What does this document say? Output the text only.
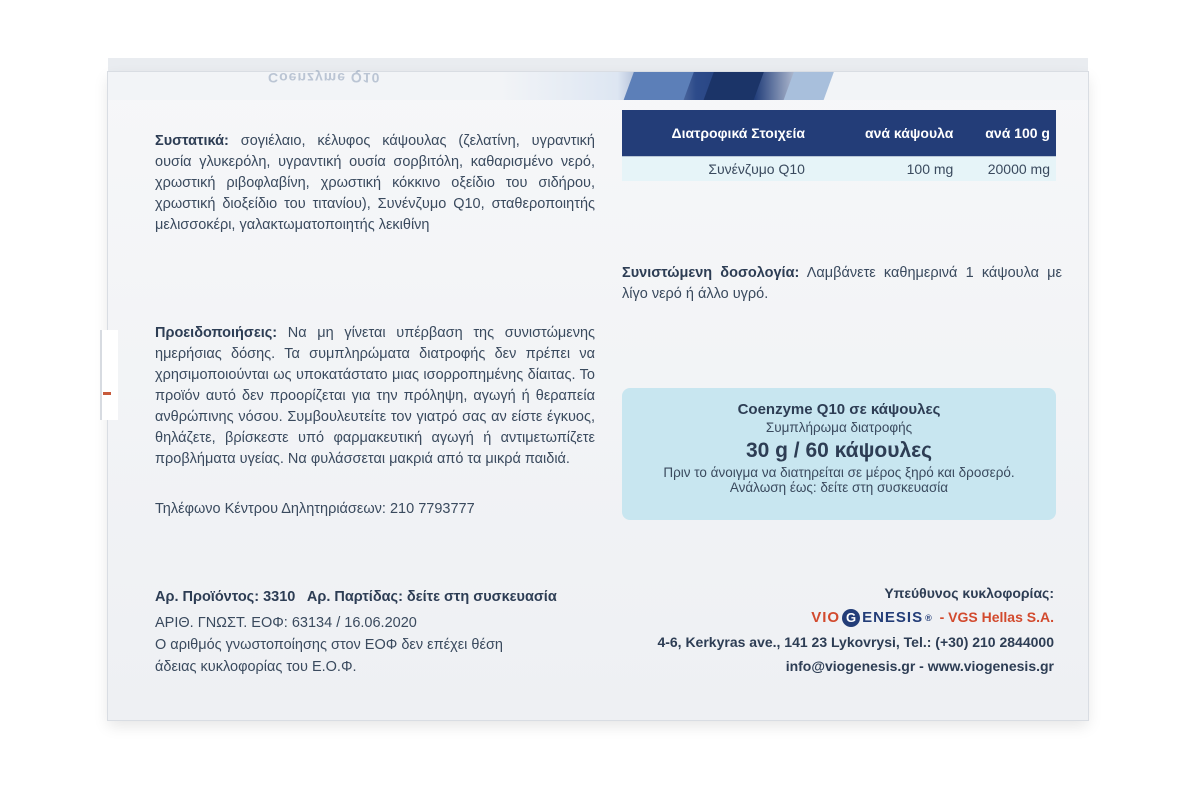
Coenzyme Q10
Συστατικά: σογιέλαιο, κέλυφος κάψουλας (ζελατίνη, υγραντική ουσία γλυκερόλη, υγραντική ουσία σορβιτόλη, καθαρισμένο νερό, χρωστική ριβοφλαβίνη, χρωστική κόκκινο οξείδιο του σιδήρου, χρωστική διοξείδιο του τιτανίου), Συνένζυμο Q10, σταθεροποιητής μελισσοκέρι, γαλακτωματοποιητής λεκιθίνη
Προειδοποιήσεις: Να μη γίνεται υπέρβαση της συνιστώμενης ημερήσιας δόσης. Τα συμπληρώματα διατροφής δεν πρέπει να χρησιμοποιούνται ως υποκατάστατο μιας ισορροπημένης δίαιτας. Το προϊόν αυτό δεν προορίζεται για την πρόληψη, αγωγή ή θεραπεία ανθρώπινης νόσου. Συμβουλευτείτε τον γιατρό σας αν είστε έγκυος, θηλάζετε, βρίσκεστε υπό φαρμακευτική αγωγή ή αντιμετωπίζετε προβλήματα υγείας. Να φυλάσσεται μακριά από τα μικρά παιδιά.
Τηλέφωνο Κέντρου Δηλητηριάσεων: 210 7793777
Διατροφικά Στοιχεία	ανά κάψουλα	ανά 100 g
Συνένζυμο Q10	100 mg	20000 mg
Συνιστώμενη δοσολογία: Λαμβάνετε καθημερινά 1 κάψουλα με λίγο νερό ή άλλο υγρό.
Coenzyme Q10 σε κάψουλες
Συμπλήρωμα διατροφής
30 g / 60 κάψουλες
Πριν το άνοιγμα να διατηρείται σε μέρος ξηρό και δροσερό.
Ανάλωση έως: δείτε στη συσκευασία
Αρ. Προϊόντος: 3310   Αρ. Παρτίδας: δείτε στη συσκευασία
ΑΡΙΘ. ΓΝΩΣΤ. ΕΟΦ: 63134 / 16.06.2020
Ο αριθμός γνωστοποίησης στον ΕΟΦ δεν επέχει θέση
άδειας κυκλοφορίας του Ε.Ο.Φ.
Υπεύθυνος κυκλοφορίας:
VIO G ENESIS ® - VGS Hellas S.A.
4-6, Kerkyras ave., 141 23 Lykovrysi, Tel.: (+30) 210 2844000
info@viogenesis.gr - www.viogenesis.gr
